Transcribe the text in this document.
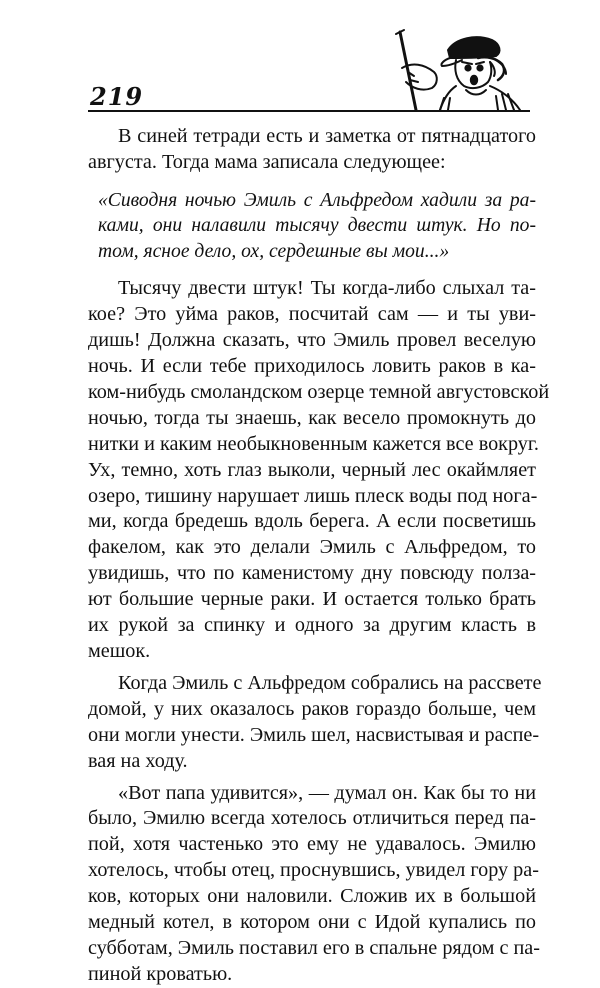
219
В синей тетради есть и заметка от пятнадцатого
августа. Тогда мама записала следующее:
«Сиводня ночью Эмиль с Альфредом хадили за ра-
ками, они налавили тысячу двести штук. Но по-
том, ясное дело, ох, сердешные вы мои...»
Тысячу двести штук! Ты когда-либо слыхал та-
кое? Это уйма раков, посчитай сам — и ты уви-
дишь! Должна сказать, что Эмиль провел веселую
ночь. И если тебе приходилось ловить раков в ка-
ком-нибудь смоландском озерце темной августовской
ночью, тогда ты знаешь, как весело промокнуть до
нитки и каким необыкновенным кажется все вокруг.
Ух, темно, хоть глаз выколи, черный лес окаймляет
озеро, тишину нарушает лишь плеск воды под нога-
ми, когда бредешь вдоль берега. А если посветишь
факелом, как это делали Эмиль с Альфредом, то
увидишь, что по каменистому дну повсюду полза-
ют большие черные раки. И остается только брать
их рукой за спинку и одного за другим класть в
мешок.
Когда Эмиль с Альфредом собрались на рассвете
домой, у них оказалось раков гораздо больше, чем
они могли унести. Эмиль шел, насвистывая и распе-
вая на ходу.
«Вот папа удивится», — думал он. Как бы то ни
было, Эмилю всегда хотелось отличиться перед па-
пой, хотя частенько это ему не удавалось. Эмилю
хотелось, чтобы отец, проснувшись, увидел гору ра-
ков, которых они наловили. Сложив их в большой
медный котел, в котором они с Идой купались по
субботам, Эмиль поставил его в спальне рядом с па-
пиной кроватью.
